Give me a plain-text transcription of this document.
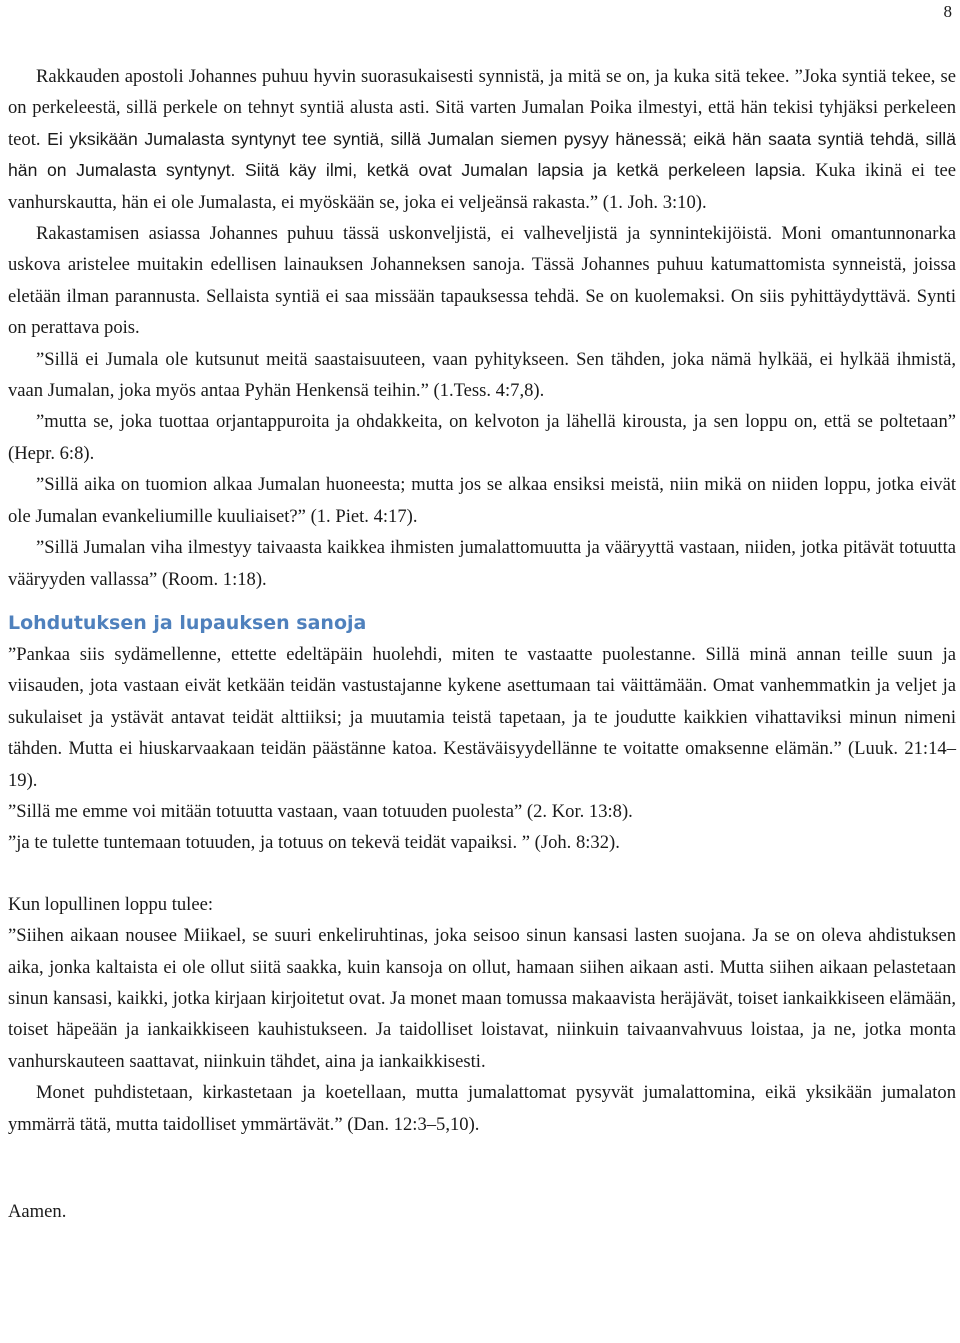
8

Rakkauden apostoli Johannes puhuu hyvin suorasukaisesti synnistä, ja mitä se on, ja kuka sitä tekee. ”Joka syntiä tekee, se on perkeleestä, sillä perkele on tehnyt syntiä alusta asti. Sitä varten Jumalan Poika ilmestyi, että hän tekisi tyhjäksi perkeleen teot. Ei yksikään Jumalasta syntynyt tee syntiä, sillä Jumalan siemen pysyy hänessä; eikä hän saata syntiä tehdä, sillä hän on Jumalasta syntynyt. Siitä käy ilmi, ketkä ovat Jumalan lapsia ja ketkä perkeleen lapsia. Kuka ikinä ei tee vanhurskautta, hän ei ole Jumalasta, ei myöskään se, joka ei veljeänsä rakasta.” (1. Joh. 3:10).

Rakastamisen asiassa Johannes puhuu tässä uskonveljistä, ei valheveljistä ja synnintekijöistä. Moni omantunnonarka uskova aristelee muitakin edellisen lainauksen Johanneksen sanoja. Tässä Johannes puhuu katumattomista synneistä, joissa eletään ilman parannusta. Sellaista syntiä ei saa missään tapauksessa tehdä. Se on kuolemaksi. On siis pyhittäydyttävä. Synti on perattava pois.

”Sillä ei Jumala ole kutsunut meitä saastaisuuteen, vaan pyhitykseen. Sen tähden, joka nämä hylkää, ei hylkää ihmistä, vaan Jumalan, joka myös antaa Pyhän Henkensä teihin.” (1.Tess. 4:7,8).

”mutta se, joka tuottaa orjantappuroita ja ohdakkeita, on kelvoton ja lähellä kirousta, ja sen loppu on, että se poltetaan” (Hepr. 6:8).

”Sillä aika on tuomion alkaa Jumalan huoneesta; mutta jos se alkaa ensiksi meistä, niin mikä on niiden loppu, jotka eivät ole Jumalan evankeliumille kuuliaiset?” (1. Piet. 4:17).

”Sillä Jumalan viha ilmestyy taivaasta kaikkea ihmisten jumalattomuutta ja vääryyttä vastaan, niiden, jotka pitävät totuutta vääryyden vallassa” (Room. 1:18).

Lohdutuksen ja lupauksen sanoja

”Pankaa siis sydämellenne, ettette edeltäpäin huolehdi, miten te vastaatte puolestanne. Sillä minä annan teille suun ja viisauden, jota vastaan eivät ketkään teidän vastustajanne kykene asettumaan tai väittämään. Omat vanhemmatkin ja veljet ja sukulaiset ja ystävät antavat teidät alttiiksi; ja muutamia teistä tapetaan, ja te joudutte kaikkien vihattaviksi minun nimeni tähden. Mutta ei hiuskarvaakaan teidän päästänne katoa. Kestäväisyydellänne te voitatte omaksenne elämän.” (Luuk. 21:14–19).

”Sillä me emme voi mitään totuutta vastaan, vaan totuuden puolesta” (2. Kor. 13:8).

”ja te tulette tuntemaan totuuden, ja totuus on tekevä teidät vapaiksi. ” (Joh. 8:32).

Kun lopullinen loppu tulee:

”Siihen aikaan nousee Miikael, se suuri enkeliruhtinas, joka seisoo sinun kansasi lasten suojana. Ja se on oleva ahdistuksen aika, jonka kaltaista ei ole ollut siitä saakka, kuin kansoja on ollut, hamaan siihen aikaan asti. Mutta siihen aikaan pelastetaan sinun kansasi, kaikki, jotka kirjaan kirjoitetut ovat. Ja monet maan tomussa makaavista heräjävät, toiset iankaikkiseen elämään, toiset häpeään ja iankaikkiseen kauhistukseen. Ja taidolliset loistavat, niinkuin taivaanvahvuus loistaa, ja ne, jotka monta vanhurskauteen saattavat, niinkuin tähdet, aina ja iankaikkisesti.

Monet puhdistetaan, kirkastetaan ja koetellaan, mutta jumalattomat pysyvät jumalattomina, eikä yksikään jumalaton ymmärrä tätä, mutta taidolliset ymmärtävät.” (Dan. 12:3–5,10).

Aamen.
